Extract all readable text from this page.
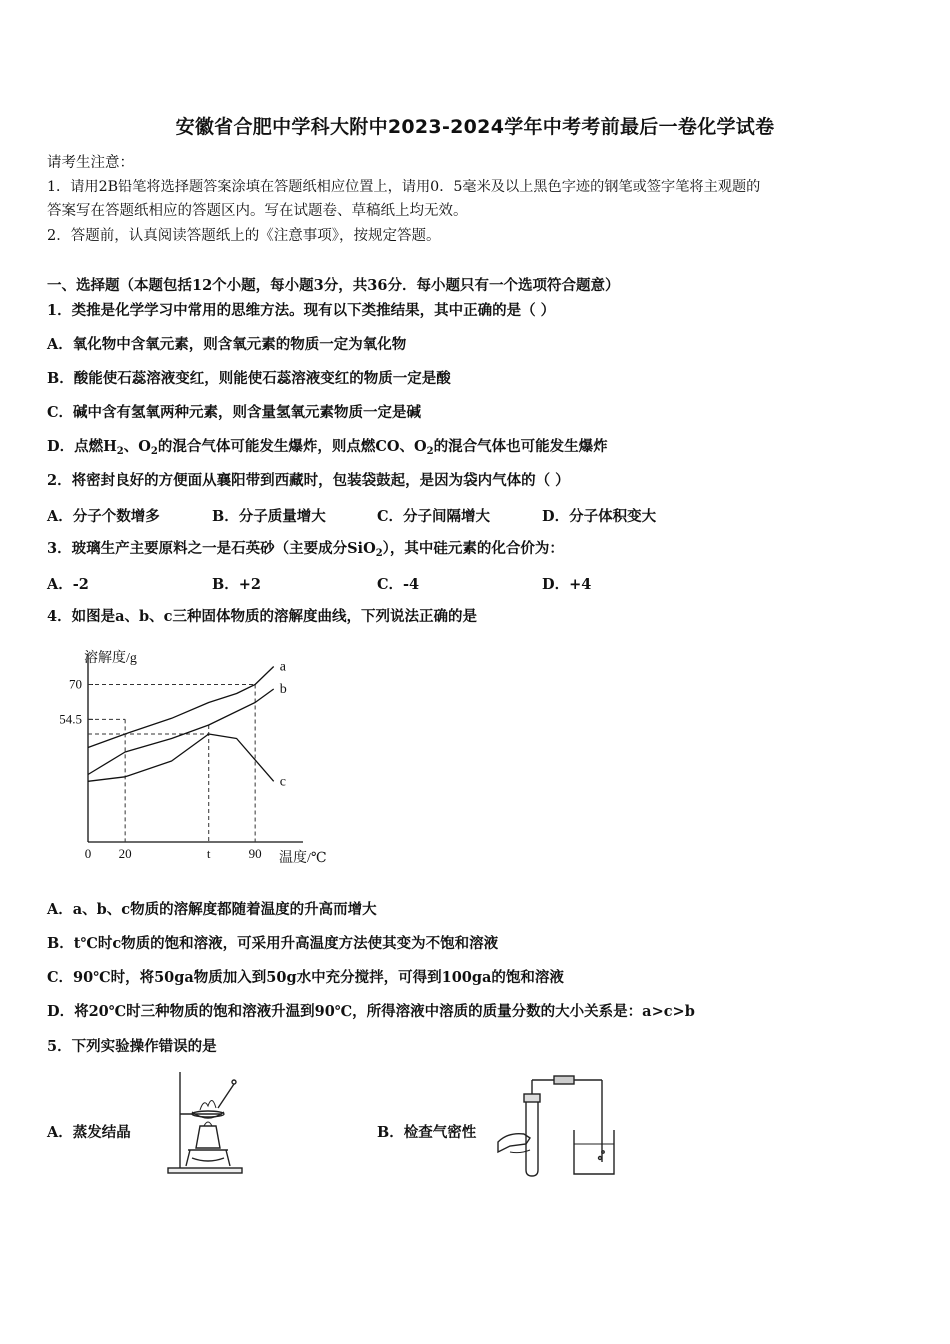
安徽省合肥中学科大附中2023-2024学年中考考前最后一卷化学试卷
请考生注意：
1．请用2B铅笔将选择题答案涂填在答题纸相应位置上，请用0．5毫米及以上黑色字迹的钢笔或签字笔将主观题的
答案写在答题纸相应的答题区内。写在试题卷、草稿纸上均无效。
2．答题前，认真阅读答题纸上的《注意事项》，按规定答题。
一、选择题（本题包括12个小题，每小题3分，共36分．每小题只有一个选项符合题意）
1．类推是化学学习中常用的思维方法。现有以下类推结果，其中正确的是（ ）
A．氧化物中含氧元素，则含氧元素的物质一定为氧化物
B．酸能使石蕊溶液变红，则能使石蕊溶液变红的物质一定是酸
C．碱中含有氢氧两种元素，则含量氢氧元素物质一定是碱
D．点燃$H_2$、$O_2$的混合气体可能发生爆炸，则点燃CO、$O_2$的混合气体也可能发生爆炸
2．将密封良好的方便面从襄阳带到西藏时，包装袋鼓起，是因为袋内气体的（ ）
A．分子个数增多	B．分子质量增大	C．分子间隔增大	D．分子体积变大
3．玻璃生产主要原料之一是石英砂（主要成分SiO$_2$），其中硅元素的化合价为：
A．-2	B．+2	C．-4	D．+4
4．如图是a、b、c三种固体物质的溶解度曲线，下列说法正确的是
溶解度/g
温度/℃
70
54.5
0 20	t	90
a
b
c
A．a、b、c物质的溶解度都随着温度的升高而增大
B．t℃时c物质的饱和溶液，可采用升高温度方法使其变为不饱和溶液
C．90℃时，将50ga物质加入到50g水中充分搅拌，可得到100ga的饱和溶液
D．将20℃时三种物质的饱和溶液升温到90℃，所得溶液中溶质的质量分数的大小关系是：a>c>b
5．下列实验操作错误的是
A．蒸发结晶	B．检查气密性
